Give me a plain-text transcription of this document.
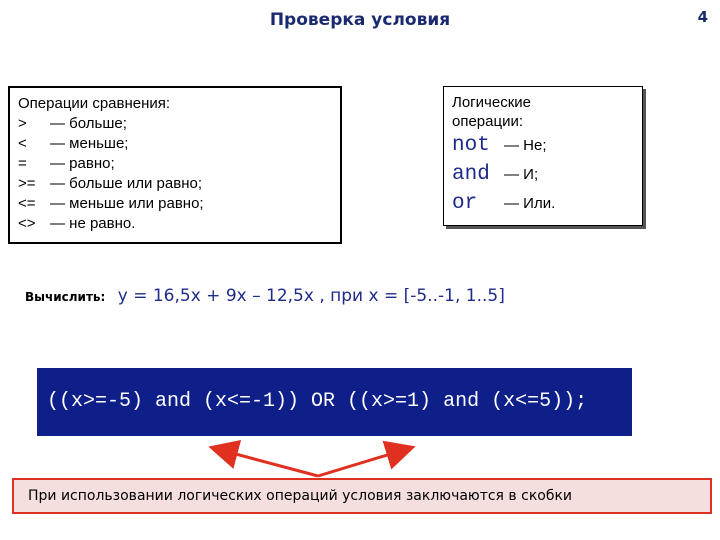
Проверка условия	4
Операции сравнения:
> — больше;
< — меньше;
= — равно;
>= — больше или равно;
<= — меньше или равно;
<> — не равно.
Логические
операции:
not — Не;
and — И;
or — Или.
Вычислить: y = 16,5x + 9x – 12,5x , при x = [-5..-1, 1..5]
((x>=-5) and (x<=-1)) OR ((x>=1) and (x<=5));
При использовании логических операций условия заключаются в скобки
